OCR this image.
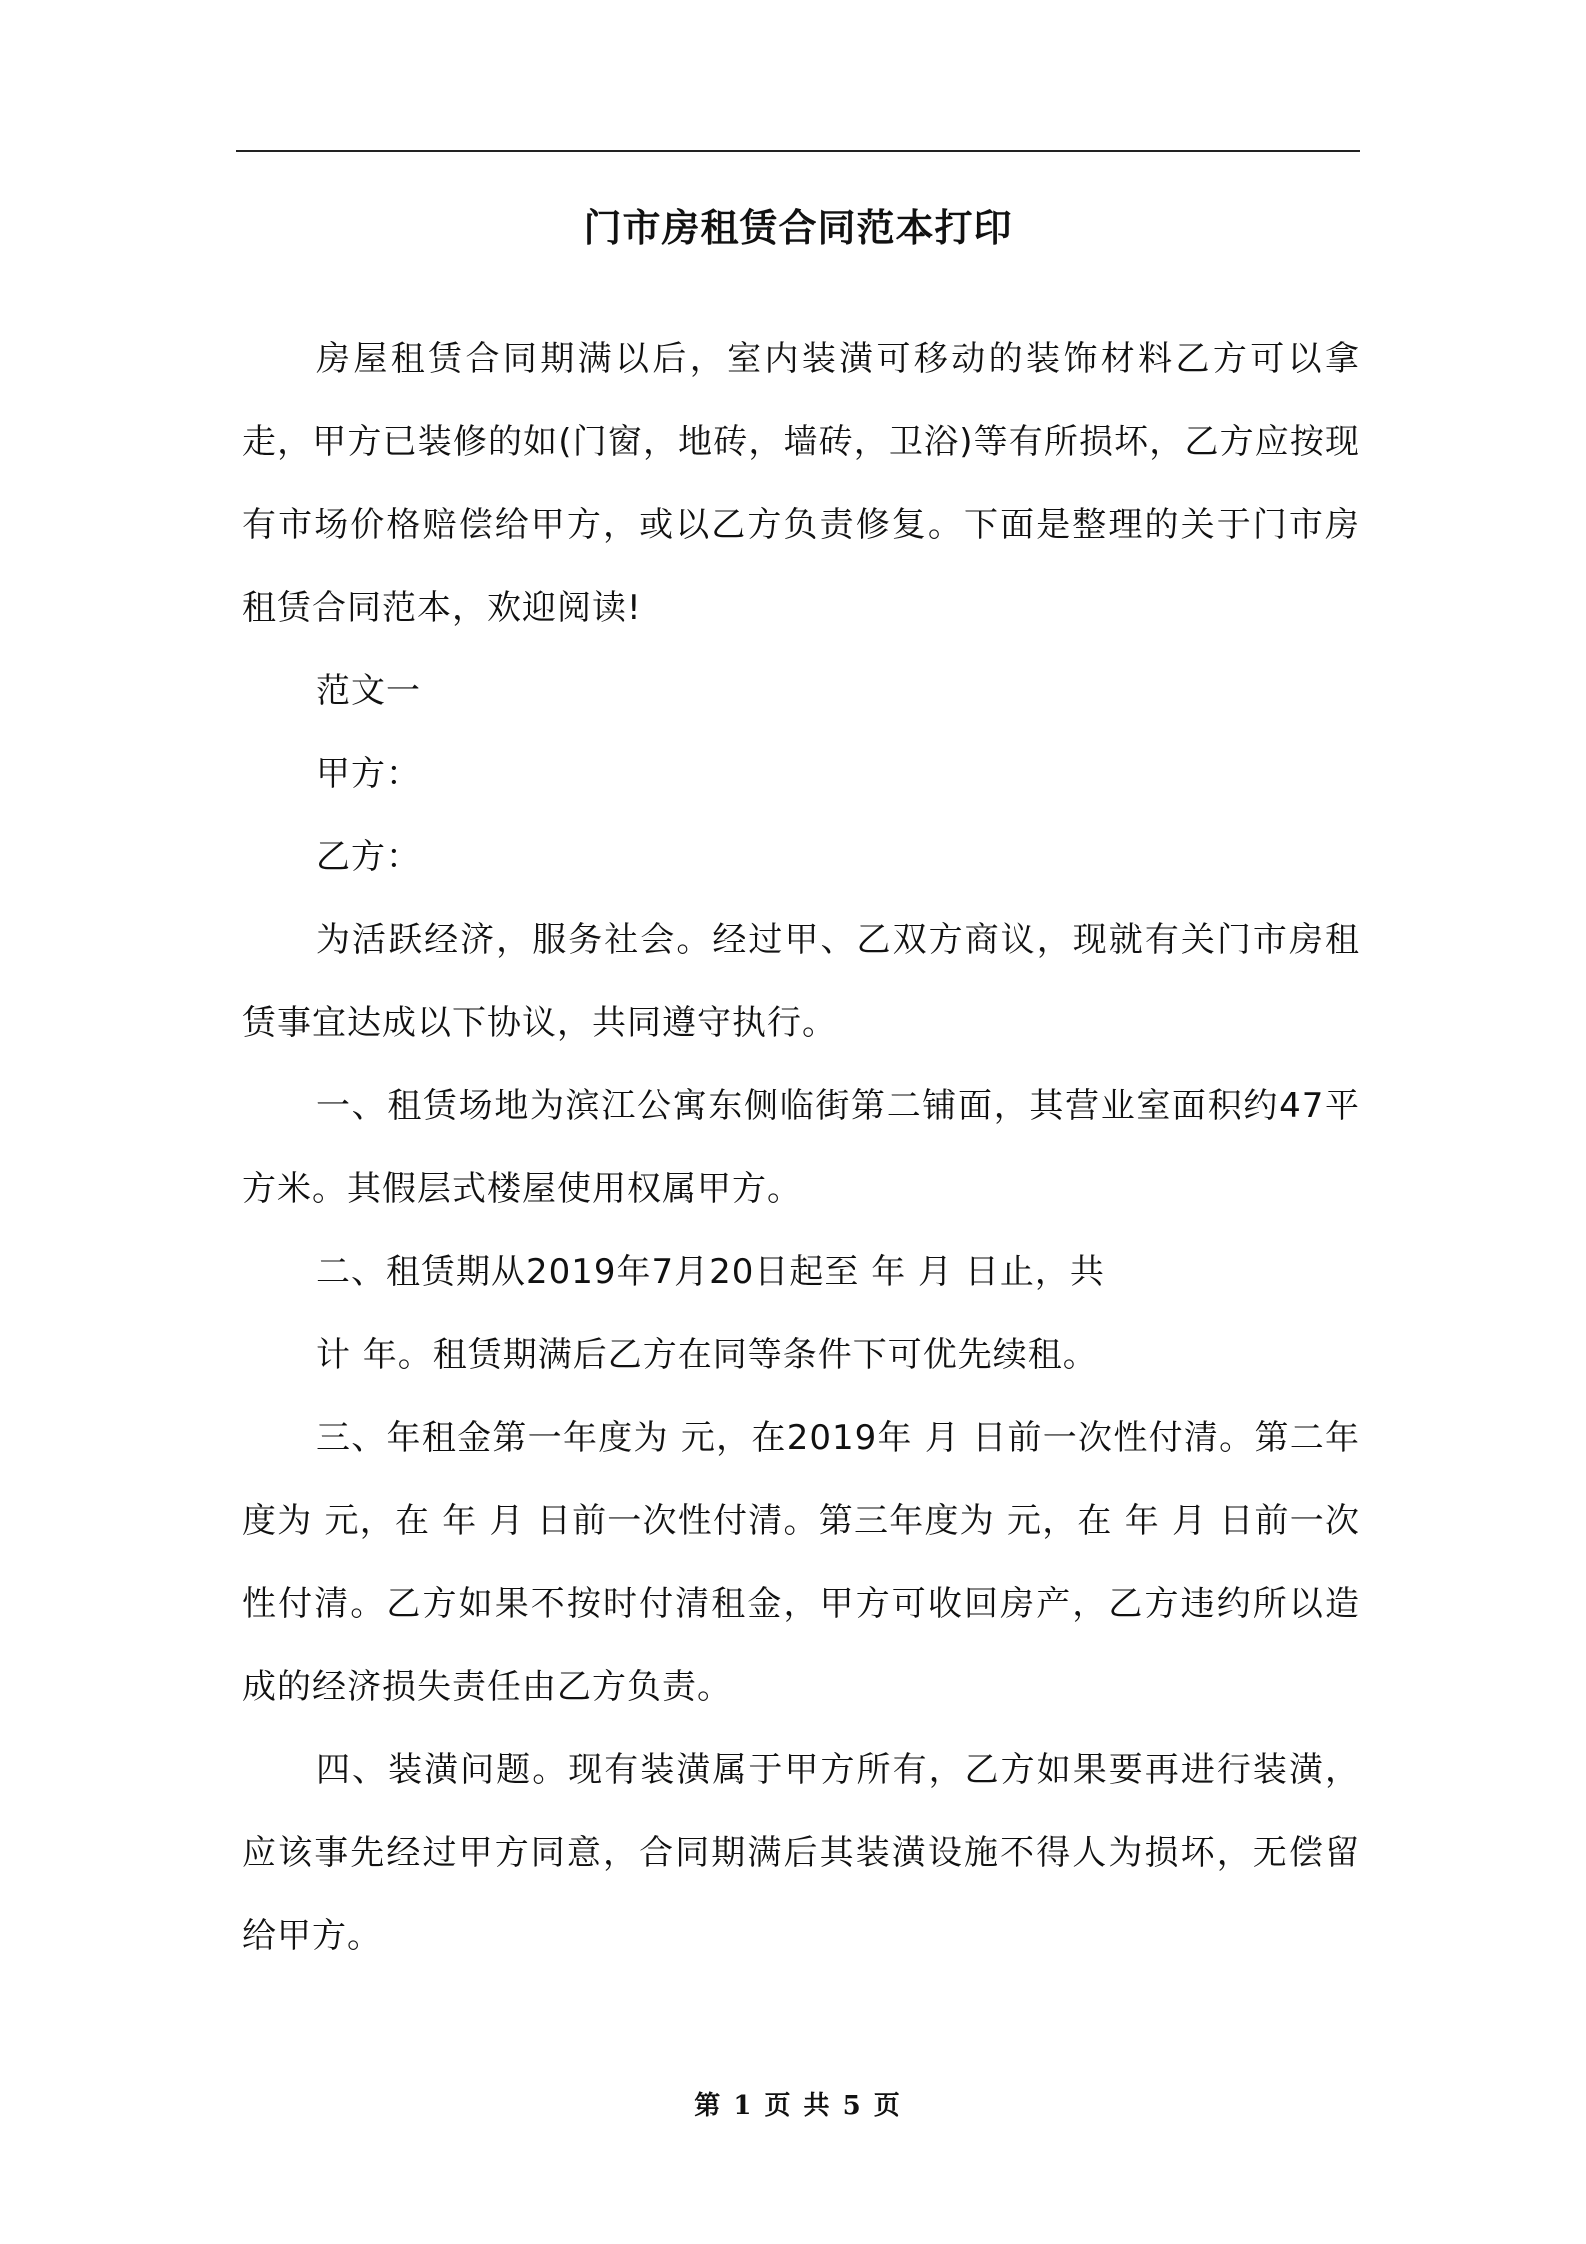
门市房租赁合同范本打印

房屋租赁合同期满以后，室内装潢可移动的装饰材料乙方可以拿走，甲方已装修的如(门窗，地砖，墙砖，卫浴)等有所损坏，乙方应按现有市场价格赔偿给甲方，或以乙方负责修复。下面是整理的关于门市房租赁合同范本，欢迎阅读!

范文一

甲方：

乙方：

为活跃经济，服务社会。经过甲、乙双方商议，现就有关门市房租赁事宜达成以下协议，共同遵守执行。

一、租赁场地为滨江公寓东侧临街第二铺面，其营业室面积约47平方米。其假层式楼屋使用权属甲方。

二、租赁期从2019年7月20日起至 年 月 日止，共

计 年。租赁期满后乙方在同等条件下可优先续租。

三、年租金第一年度为 元，在2019年 月 日前一次性付清。第二年度为 元，在 年 月 日前一次性付清。第三年度为 元，在 年 月 日前一次性付清。乙方如果不按时付清租金，甲方可收回房产，乙方违约所以造成的经济损失责任由乙方负责。

四、装潢问题。现有装潢属于甲方所有，乙方如果要再进行装潢，应该事先经过甲方同意，合同期满后其装潢设施不得人为损坏，无偿留给甲方。

第 1 页 共 5 页
